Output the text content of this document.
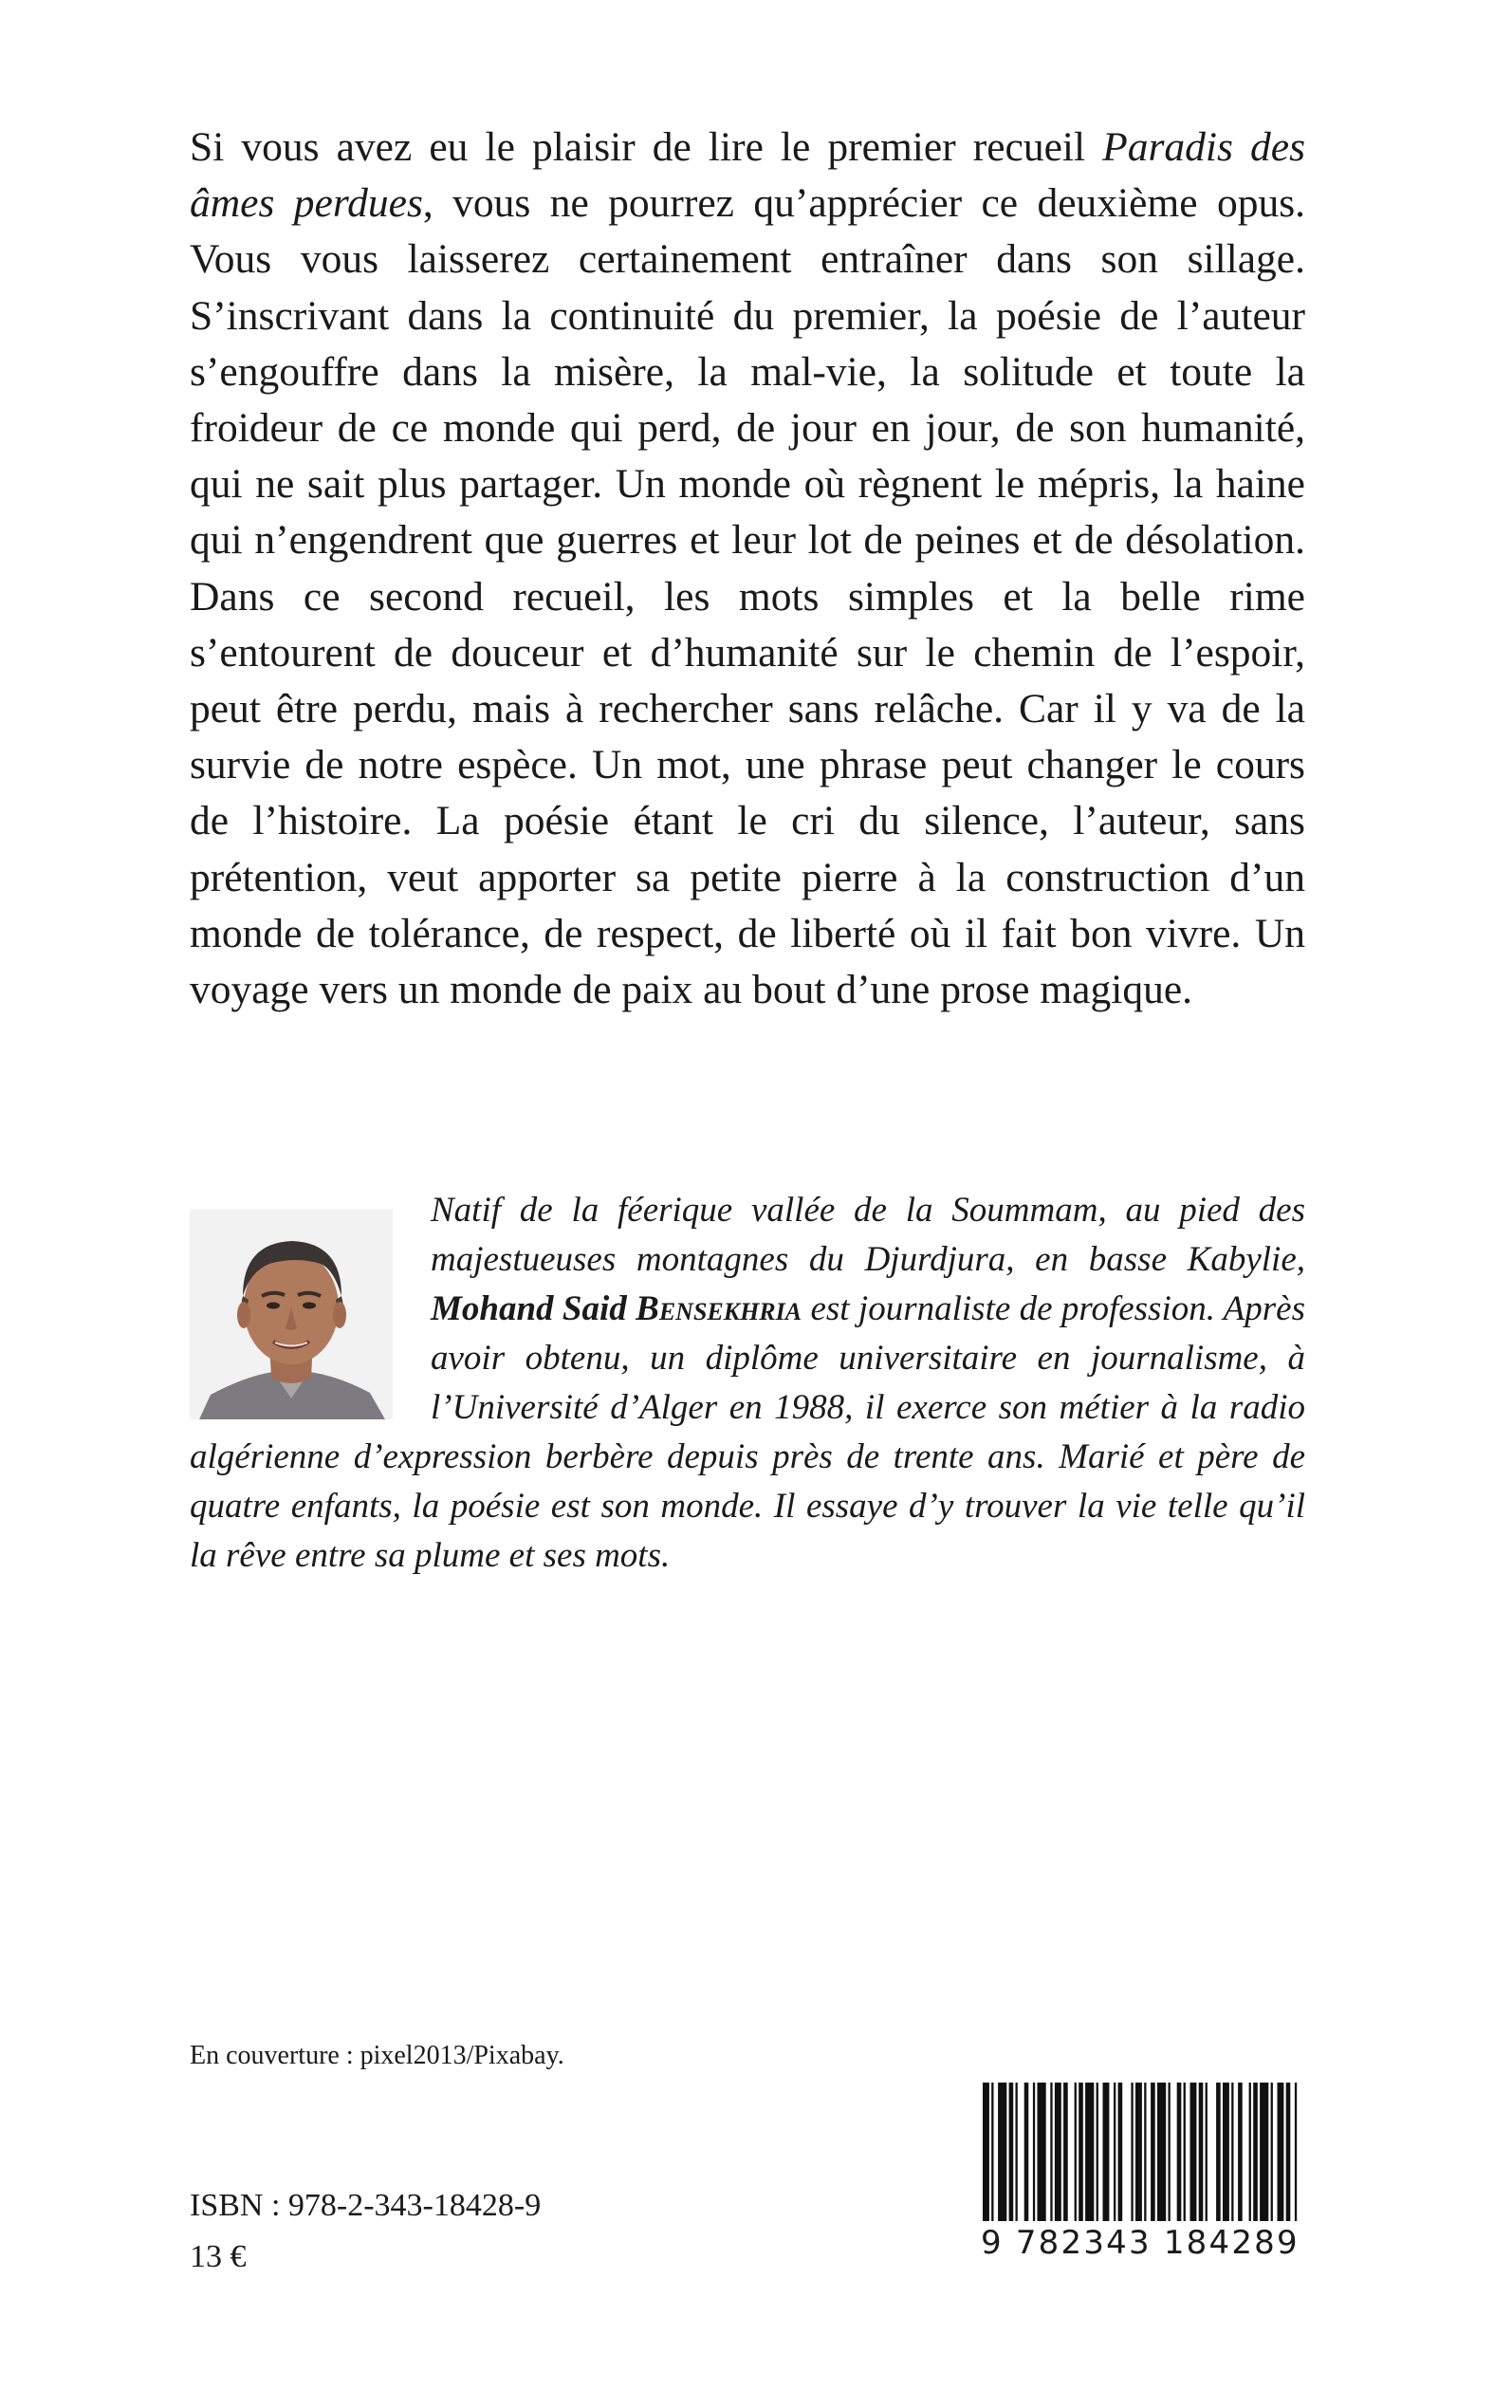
Si vous avez eu le plaisir de lire le premier recueil Paradis des âmes perdues, vous ne pourrez qu’apprécier ce deuxième opus. Vous vous laisserez certainement entraîner dans son sillage. S’inscrivant dans la continuité du premier, la poésie de l’auteur s’engouffre dans la misère, la mal-vie, la solitude et toute la froideur de ce monde qui perd, de jour en jour, de son humanité, qui ne sait plus partager. Un monde où règnent le mépris, la haine qui n’engendrent que guerres et leur lot de peines et de désolation. Dans ce second recueil, les mots simples et la belle rime s’entourent de douceur et d’humanité sur le chemin de l’espoir, peut être perdu, mais à rechercher sans relâche. Car il y va de la survie de notre espèce. Un mot, une phrase peut changer le cours de l’histoire. La poésie étant le cri du silence, l’auteur, sans prétention, veut apporter sa petite pierre à la construction d’un monde de tolérance, de respect, de liberté où il fait bon vivre. Un voyage vers un monde de paix au bout d’une prose magique.

Natif de la féerique vallée de la Soummam, au pied des majestueuses montagnes du Djurdjura, en basse Kabylie, Mohand Said Bensekhria est journaliste de profession. Après avoir obtenu, un diplôme universitaire en journalisme, à l’Université d’Alger en 1988, il exerce son métier à la radio algérienne d’expression berbère depuis près de trente ans. Marié et père de quatre enfants, la poésie est son monde. Il essaye d’y trouver la vie telle qu’il la rêve entre sa plume et ses mots.

En couverture : pixel2013/Pixabay.
ISBN : 978-2-343-18428-9
13 €	9 782343 184289
